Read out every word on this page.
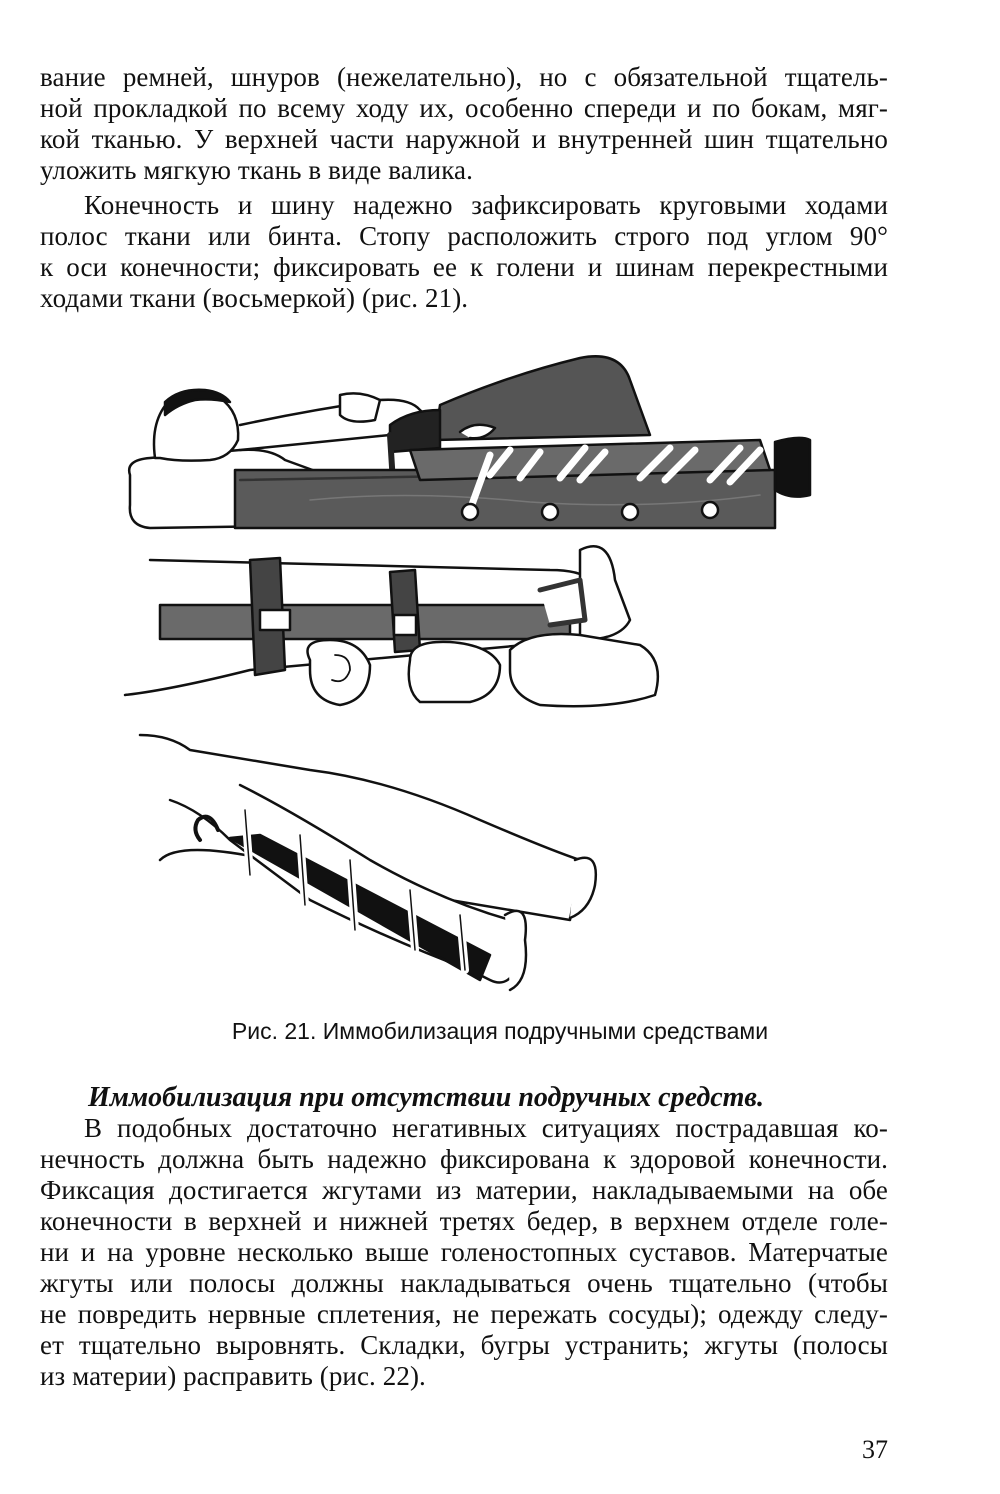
вание ремней, шнуров (нежелательно), но с обязательной тщатель-
ной прокладкой по всему ходу их, особенно спереди и по бокам, мяг-
кой тканью. У верхней части наружной и внутренней шин тщательно
уложить мягкую ткань в виде валика.

Конечность и шину надежно зафиксировать круговыми ходами
полос ткани или бинта. Стопу расположить строго под углом 90°
к оси конечности; фиксировать ее к голени и шинам перекрестными
ходами ткани (восьмеркой) (рис. 21).

Рис. 21. Иммобилизация подручными средствами
Иммобилизация при отсутствии подручных средств.

В подобных достаточно негативных ситуациях пострадавшая ко-
нечность должна быть надежно фиксирована к здоровой конечности.
Фиксация достигается жгутами из материи, накладываемыми на обе
конечности в верхней и нижней третях бедер, в верхнем отделе голе-
ни и на уровне несколько выше голеностопных суставов. Матерчатые
жгуты или полосы должны накладываться очень тщательно (чтобы
не повредить нервные сплетения, не пережать сосуды); одежду следу-
ет тщательно выровнять. Складки, бугры устранить; жгуты (полосы
из материи) расправить (рис. 22).

37
